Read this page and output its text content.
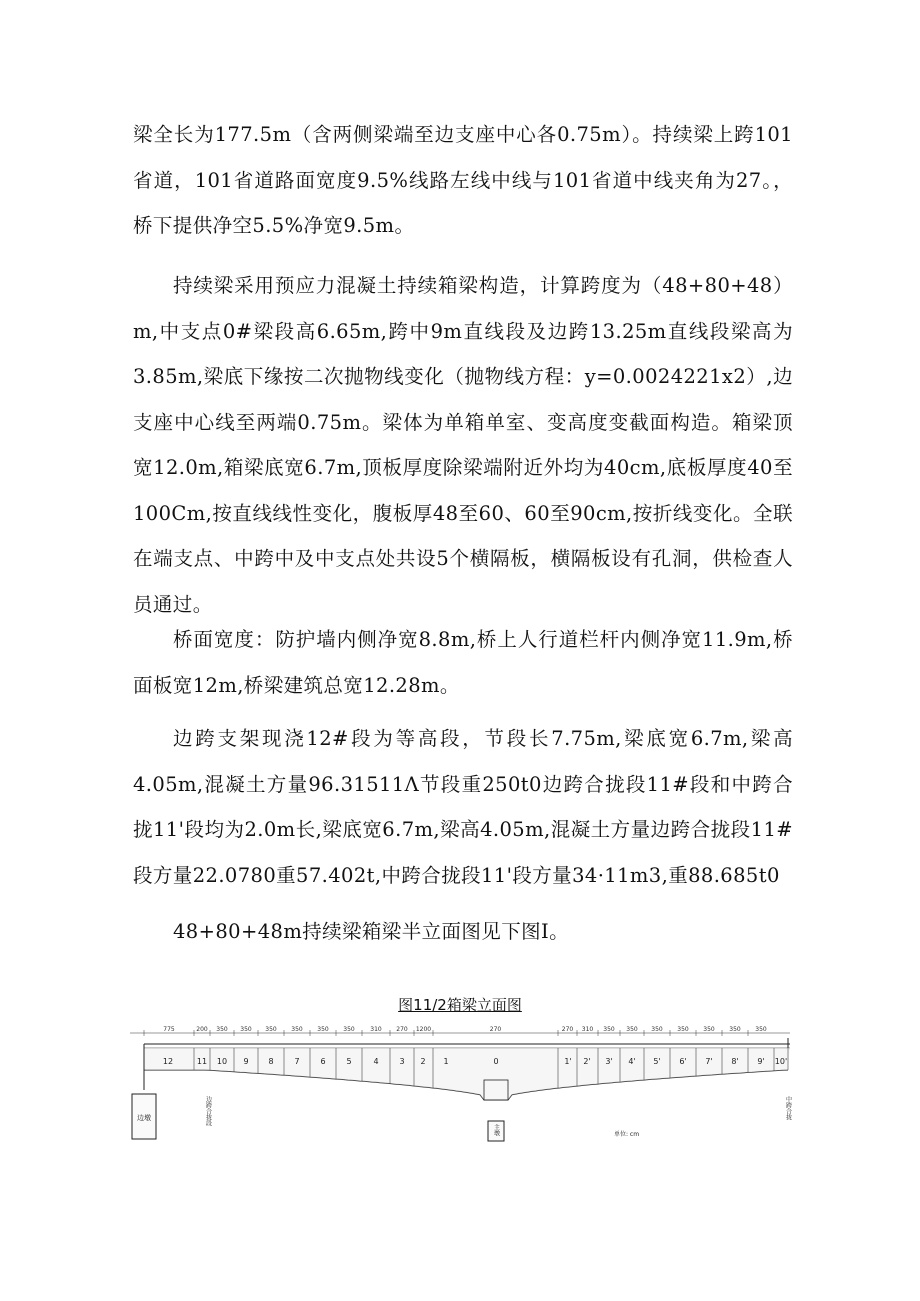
梁全长为177.5m（含两侧梁端至边支座中心各0.75m）。持续梁上跨101省道，101省道路面宽度9.5%线路左线中线与101省道中线夹角为27。，桥下提供净空5.5%净宽9.5m。

持续梁采用预应力混凝土持续箱梁构造，计算跨度为（48+80+48）m,中支点0#梁段高6.65m,跨中9m直线段及边跨13.25m直线段梁高为3.85m,梁底下缘按二次抛物线变化（抛物线方程：y=0.0024221x2）,边支座中心线至两端0.75m。梁体为单箱单室、变高度变截面构造。箱梁顶宽12.0m,箱梁底宽6.7m,顶板厚度除梁端附近外均为40cm,底板厚度40至100Cm,按直线线性变化，腹板厚48至60、60至90cm,按折线变化。全联在端支点、中跨中及中支点处共设5个横隔板，横隔板设有孔洞，供检查人员通过。

桥面宽度：防护墙内侧净宽8.8m,桥上人行道栏杆内侧净宽11.9m,桥面板宽12m,桥梁建筑总宽12.28m。

边跨支架现浇12#段为等高段，节段长7.75m,梁底宽6.7m,梁高4.05m,混凝土方量96.31511Λ节段重250t0边跨合拢段11#段和中跨合拢11'段均为2.0m长,梁底宽6.7m,梁高4.05m,混凝土方量边跨合拢段11#段方量22.0780重57.402t,中跨合拢段11'段方量34·11m3,重88.685t0

48+80+48m持续梁箱梁半立面图见下图I。

图11/2箱梁立面图
775	200 350 350 350 350 350 350	310 270 1200	270	270 310 350 350 350 350 350 350 350
12	11 10 9 8	7	6	5	4	3 2 1	0	1' 2' 3' 4' 5' 6' 7' 8' 9' 10'
边墩
主墩
边跨合拢段	中跨合拢
单位: cm
